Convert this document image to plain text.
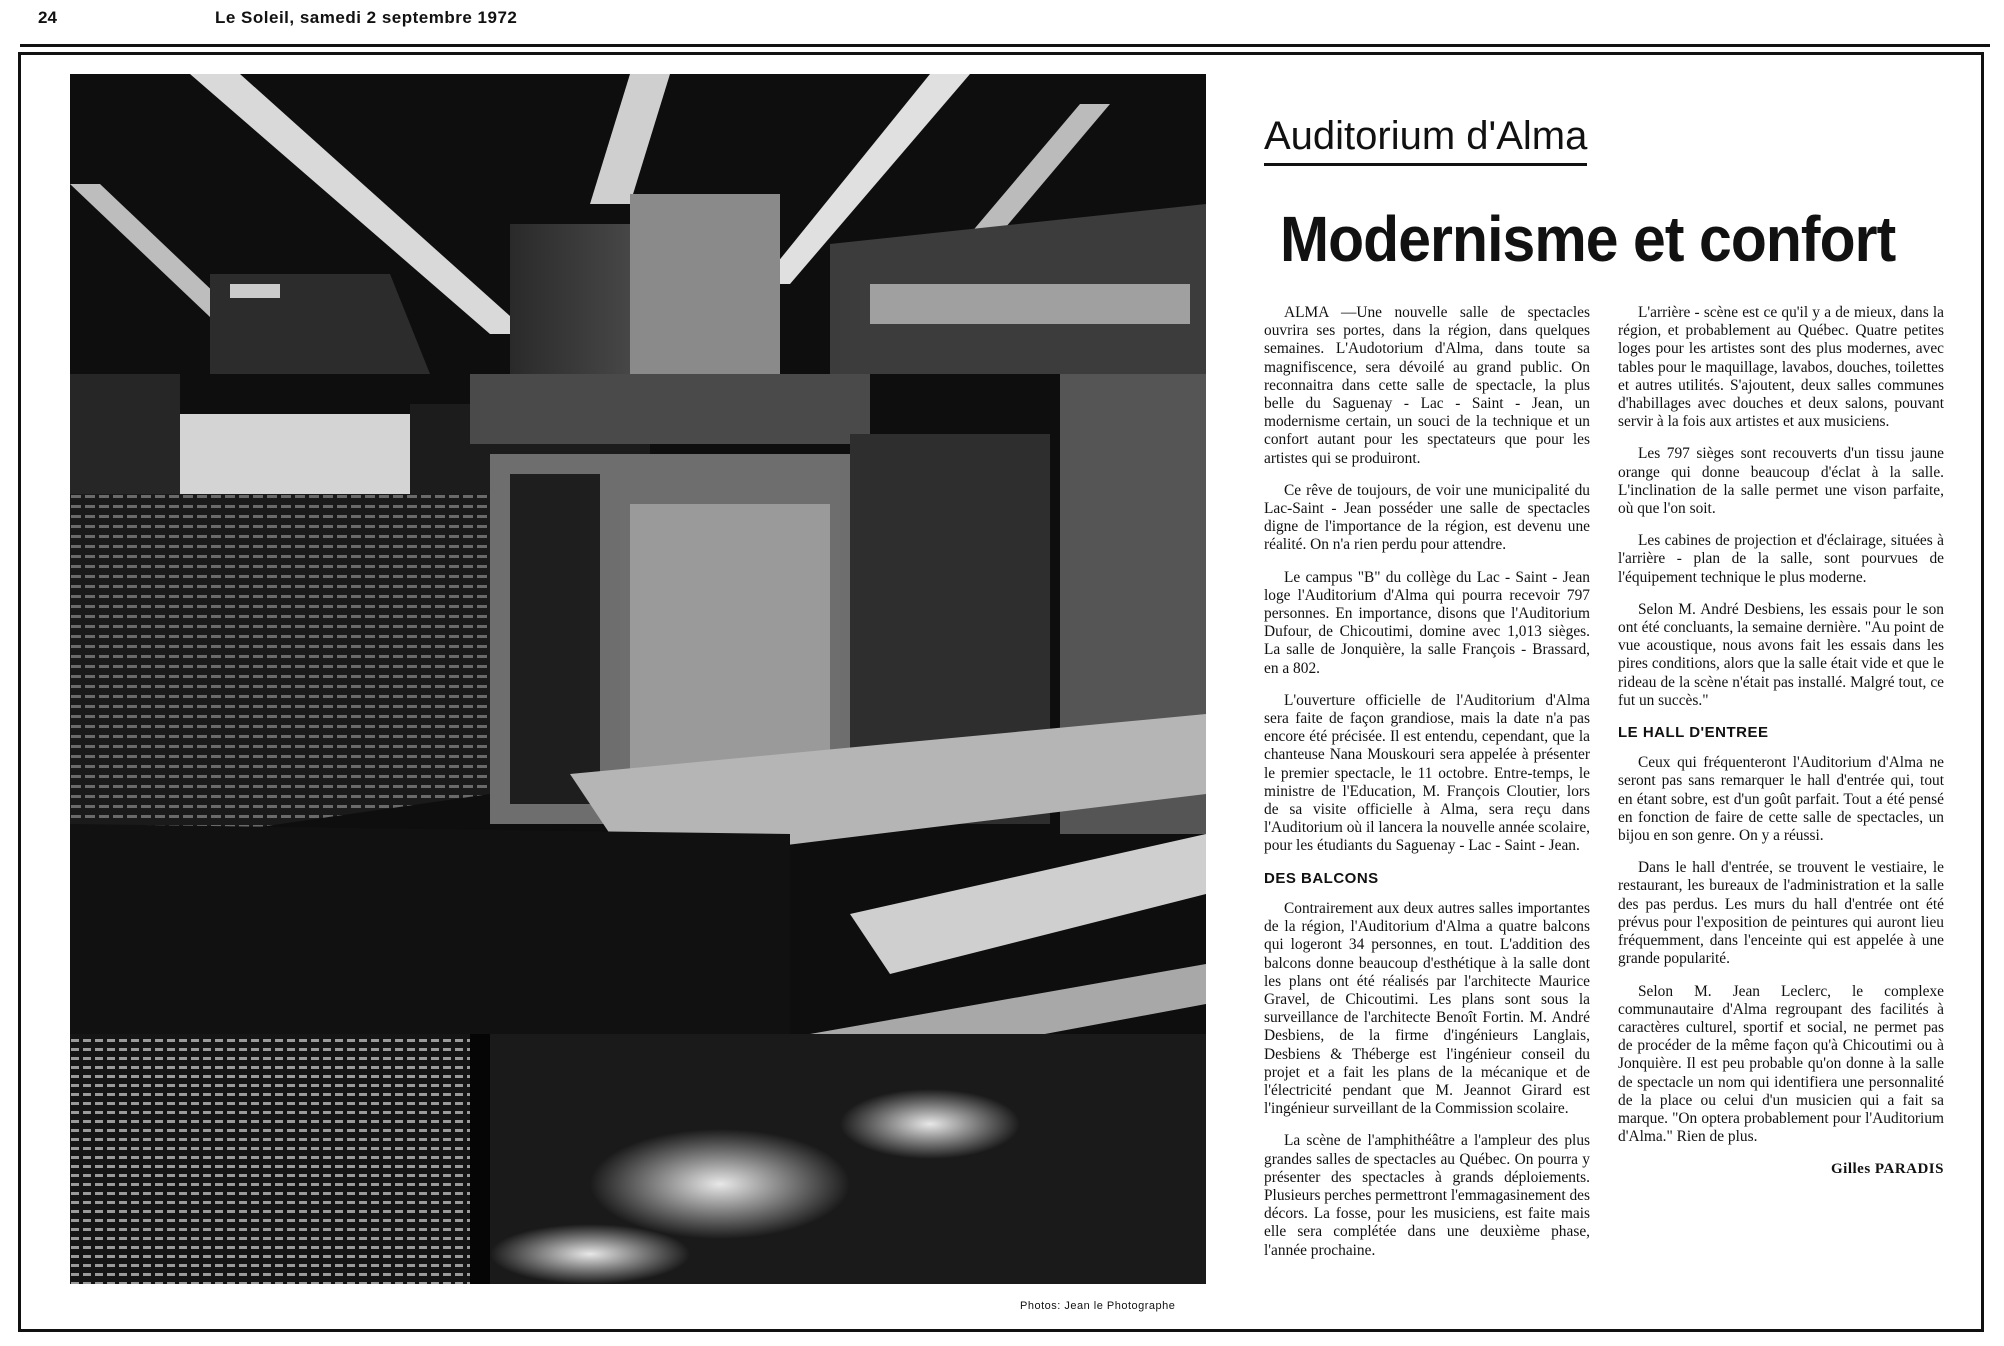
24	Le Soleil, samedi 2 septembre 1972
Photos: Jean le Photographe
Auditorium d'Alma
Modernisme et confort

ALMA —Une nouvelle salle de spectacles ouvrira ses portes, dans la région, dans quelques semaines. L'Audotorium d'Alma, dans toute sa magnifiscence, sera dévoilé au grand public. On reconnaitra dans cette salle de spectacle, la plus belle du Saguenay - Lac - Saint - Jean, un modernisme certain, un souci de la technique et un confort autant pour les spectateurs que pour les artistes qui se produiront.

Ce rêve de toujours, de voir une municipalité du Lac-Saint - Jean posséder une salle de spectacles digne de l'importance de la région, est devenu une réalité. On n'a rien perdu pour attendre.

Le campus "B" du collège du Lac - Saint - Jean loge l'Auditorium d'Alma qui pourra recevoir 797 personnes. En importance, disons que l'Auditorium Dufour, de Chicoutimi, domine avec 1,013 sièges. La salle de Jonquière, la salle François - Brassard, en a 802.

L'ouverture officielle de l'Auditorium d'Alma sera faite de façon grandiose, mais la date n'a pas encore été précisée. Il est entendu, cependant, que la chanteuse Nana Mouskouri sera appelée à présenter le premier spectacle, le 11 octobre. Entre-temps, le ministre de l'Education, M. François Cloutier, lors de sa visite officielle à Alma, sera reçu dans l'Auditorium où il lancera la nouvelle année scolaire, pour les étudiants du Saguenay - Lac - Saint - Jean.

DES BALCONS

Contrairement aux deux autres salles importantes de la région, l'Auditorium d'Alma a quatre balcons qui logeront 34 personnes, en tout. L'addition des balcons donne beaucoup d'esthétique à la salle dont les plans ont été réalisés par l'architecte Maurice Gravel, de Chicoutimi. Les plans sont sous la surveillance de l'architecte Benoît Fortin. M. André Desbiens, de la firme d'ingénieurs Langlais, Desbiens & Théberge est l'ingénieur conseil du projet et a fait les plans de la mécanique et de l'électricité pendant que M. Jeannot Girard est l'ingénieur surveillant de la Commission scolaire.

La scène de l'amphithéâtre a l'ampleur des plus grandes salles de spectacles au Québec. On pourra y présenter des spectacles à grands déploiements. Plusieurs perches permettront l'emmagasinement des décors. La fosse, pour les musiciens, est faite mais elle sera complétée dans une deuxième phase, l'année prochaine.

L'arrière - scène est ce qu'il y a de mieux, dans la région, et probablement au Québec. Quatre petites loges pour les artistes sont des plus modernes, avec tables pour le maquillage, lavabos, douches, toilettes et autres utilités. S'ajoutent, deux salles communes d'habillages avec douches et deux salons, pouvant servir à la fois aux artistes et aux musiciens.

Les 797 sièges sont recouverts d'un tissu jaune orange qui donne beaucoup d'éclat à la salle. L'inclination de la salle permet une vison parfaite, où que l'on soit.

Les cabines de projection et d'éclairage, situées à l'arrière - plan de la salle, sont pourvues de l'équipement technique le plus moderne.

Selon M. André Desbiens, les essais pour le son ont été concluants, la semaine dernière. "Au point de vue acoustique, nous avons fait les essais dans les pires conditions, alors que la salle était vide et que le rideau de la scène n'était pas installé. Malgré tout, ce fut un succès."

LE HALL D'ENTREE

Ceux qui fréquenteront l'Auditorium d'Alma ne seront pas sans remarquer le hall d'entrée qui, tout en étant sobre, est d'un goût parfait. Tout a été pensé en fonction de faire de cette salle de spectacles, un bijou en son genre. On y a réussi.

Dans le hall d'entrée, se trouvent le vestiaire, le restaurant, les bureaux de l'administration et la salle des pas perdus. Les murs du hall d'entrée ont été prévus pour l'exposition de peintures qui auront lieu fréquemment, dans l'enceinte qui est appelée à une grande popularité.

Selon M. Jean Leclerc, le complexe communautaire d'Alma regroupant des facilités à caractères culturel, sportif et social, ne permet pas de procéder de la même façon qu'à Chicoutimi ou à Jonquière. Il est peu probable qu'on donne à la salle de spectacle un nom qui identifiera une personnalité de la place ou celui d'un musicien qui a fait sa marque. "On optera probablement pour l'Auditorium d'Alma." Rien de plus.

Gilles PARADIS
